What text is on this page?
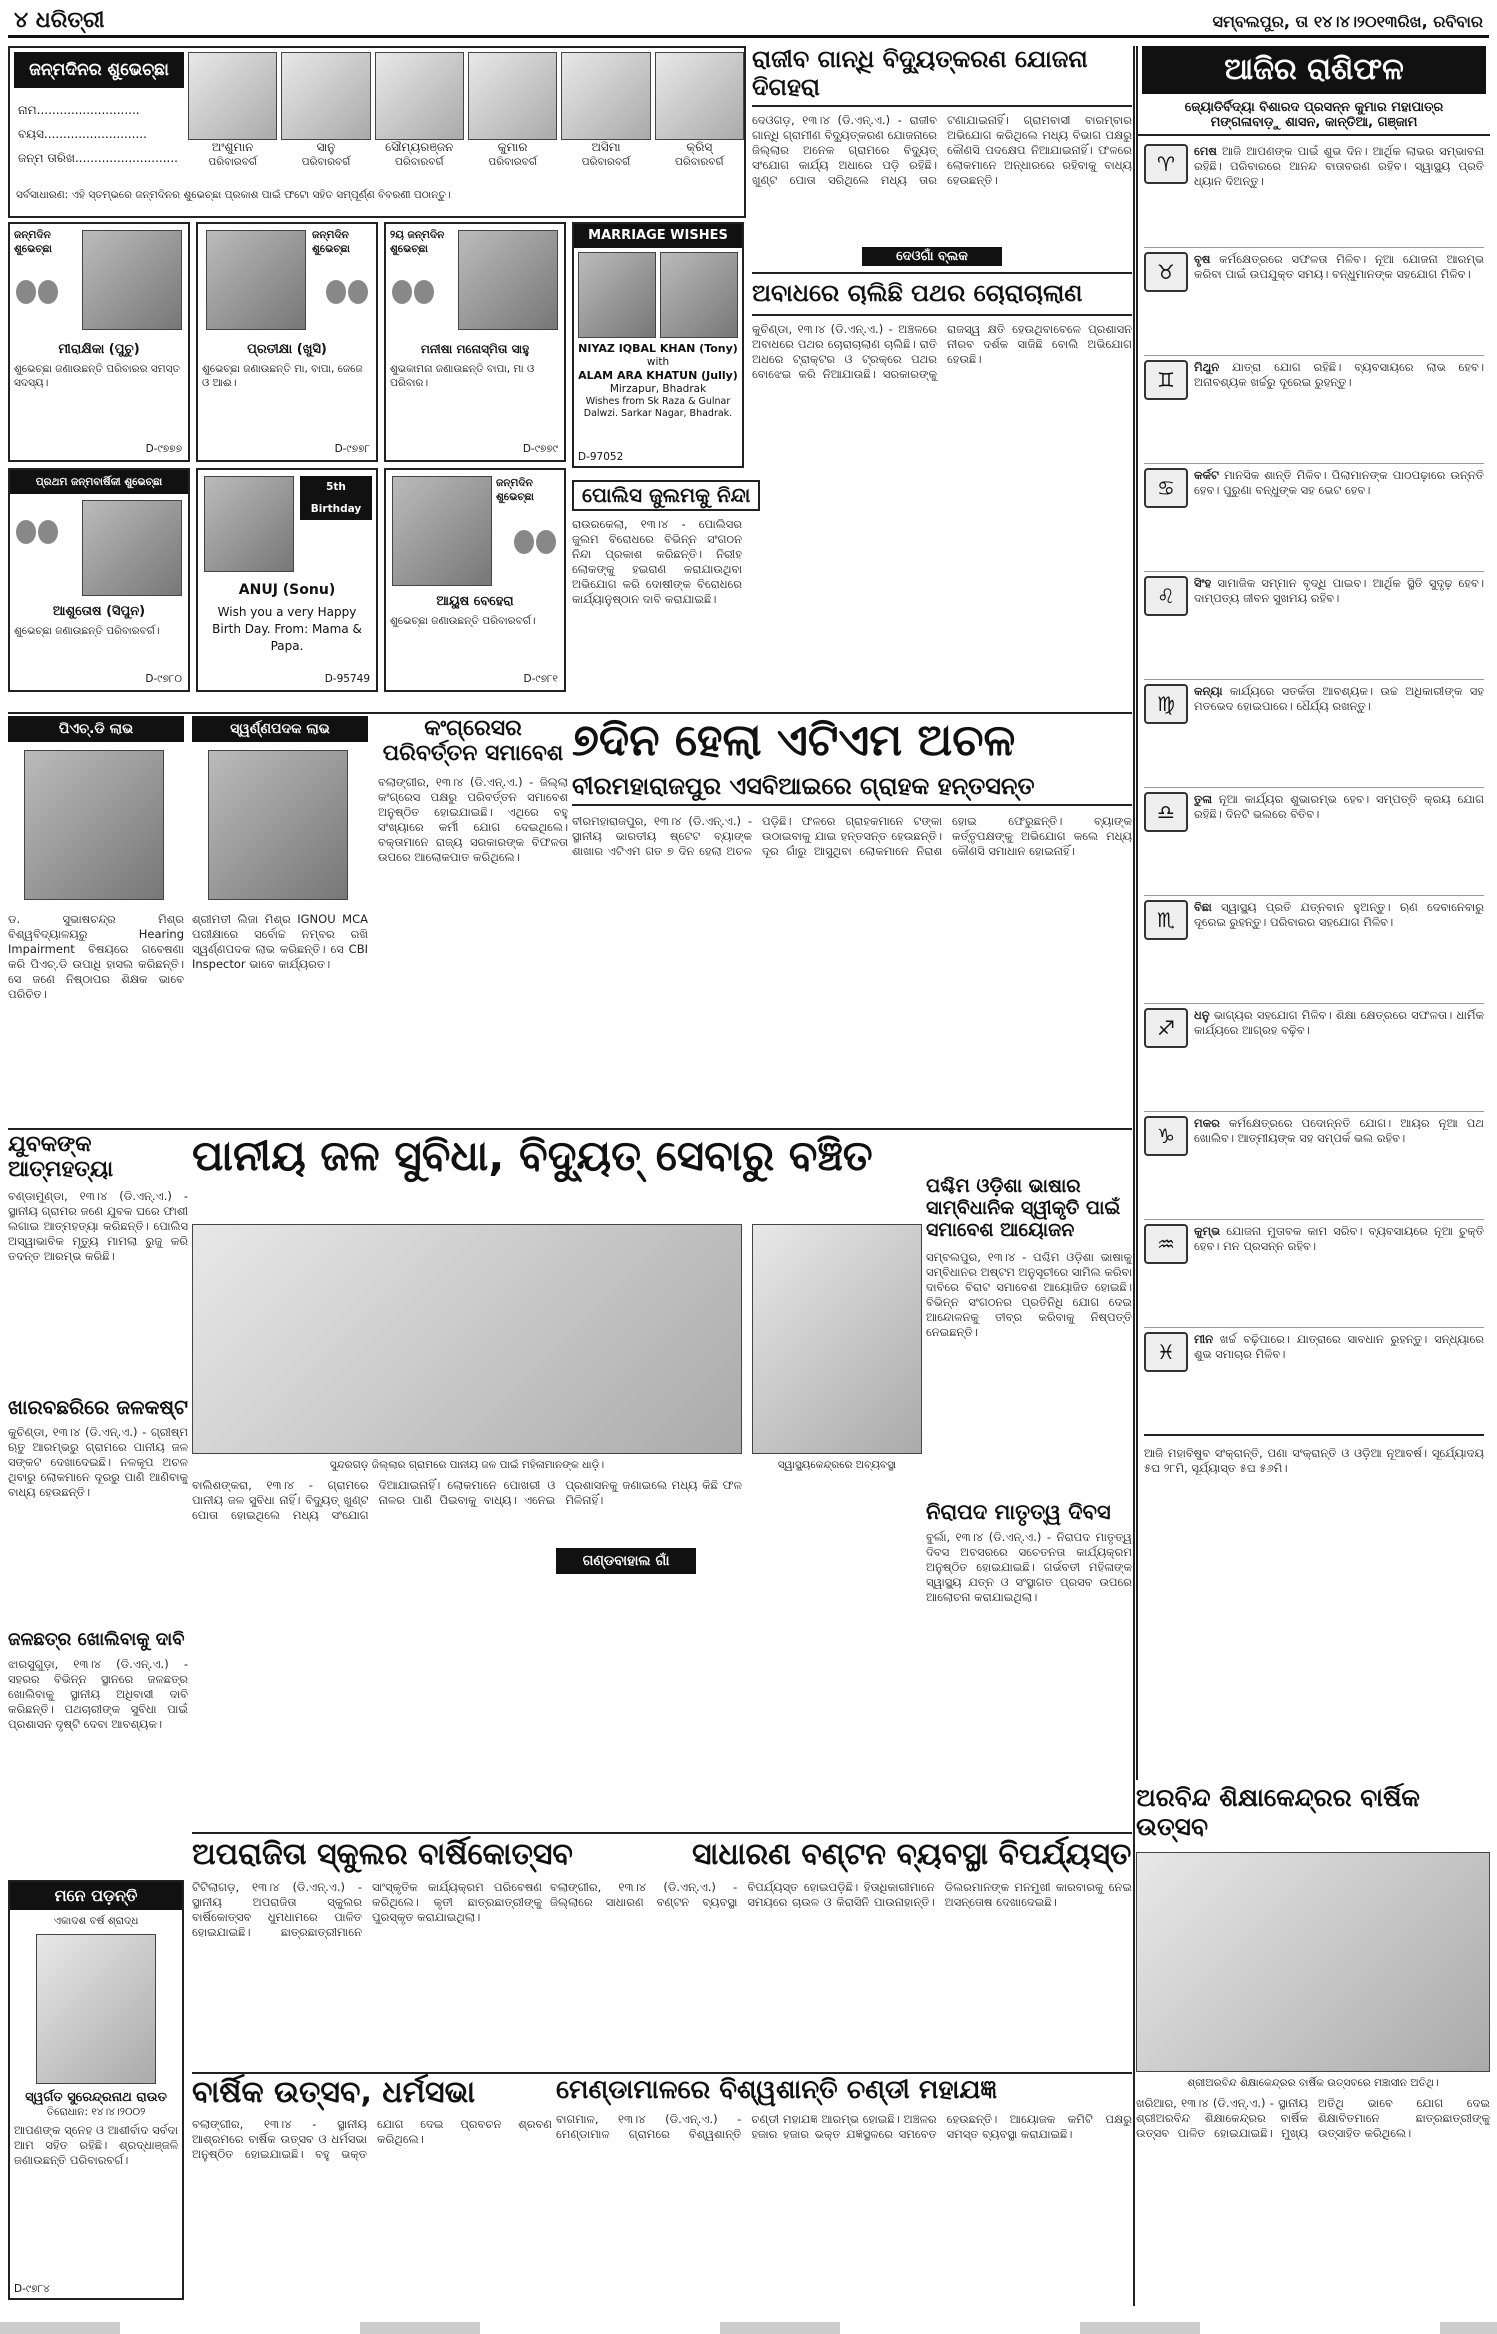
୪ ଧରିତ୍ରୀ	ସମ୍ବଲପୁର, ତା ୧୪।୪।୨୦୧୩ରିଖ, ରବିବାର
ଜନ୍ମଦିନର ଶୁଭେଚ୍ଛା
ନାମ...........................
ବୟସ...........................
ଜନ୍ମ ତାରିଖ...........................
ଅଂଶୁମାନ
ପରିବାରବର୍ଗ
ସାନୁ
ପରିବାରବର୍ଗ
ସୌମ୍ୟରଞ୍ଜନ
ପରିବାରବର୍ଗ
କୁମାର
ପରିବାରବର୍ଗ
ଅସିମା
ପରିବାରବର୍ଗ
କ୍ରିସ୍
ପରିବାରବର୍ଗ
ସର୍ବସାଧାରଣ: ଏହି ସ୍ତମ୍ଭରେ ଜନ୍ମଦିନର ଶୁଭେଚ୍ଛା ପ୍ରକାଶ ପାଇଁ ଫଟୋ ସହିତ ସମ୍ପୂର୍ଣ୍ଣ ବିବରଣୀ ପଠାନ୍ତୁ।
ଜନ୍ମଦିନ ଶୁଭେଚ୍ଛା
ମୀରାକ୍ଷିକା (ପୁଚୁ)
ଶୁଭେଚ୍ଛା ଜଣାଉଛନ୍ତି ପରିବାରର ସମସ୍ତ ସଦସ୍ୟ।
D-୯୭୭୭
ଜନ୍ମଦିନ ଶୁଭେଚ୍ଛା
ପ୍ରତୀକ୍ଷା (ଖୁସି)
ଶୁଭେଚ୍ଛା ଜଣାଉଛନ୍ତି ମା, ବାପା, ଜେଜେ ଓ ଆଈ।
D-୯୭୭୮
୨ୟ ଜନ୍ମଦିନ ଶୁଭେଚ୍ଛା
ମନୀଷା ମନୋସ୍ମିତା ସାହୁ
ଶୁଭକାମନା ଜଣାଉଛନ୍ତି ବାପା, ମା ଓ ପରିବାର।
D-୯୭୭୯
ପ୍ରଥମ ଜନ୍ମବାର୍ଷିକୀ ଶୁଭେଚ୍ଛା
ଆଶୁତୋଷ (ସିପୁନ)
ଶୁଭେଚ୍ଛା ଜଣାଉଛନ୍ତି ପରିବାରବର୍ଗ।
D-୯୭୮୦
5th Birthday
ANUJ (Sonu)
Wish you a very Happy Birth Day. From: Mama & Papa.
D-95749
ଜନ୍ମଦିନ ଶୁଭେଚ୍ଛା
ଆୟୁଷ ବେହେରା
ଶୁଭେଚ୍ଛା ଜଣାଉଛନ୍ତି ପରିବାରବର୍ଗ।
D-୯୭୮୧
MARRIAGE WISHES
NIYAZ IQBAL KHAN (Tony)
with
ALAM ARA KHATUN (Jully)
Mirzapur, Bhadrak
Wishes from Sk Raza & Gulnar Dalwzi. Sarkar Nagar, Bhadrak.
D-97052
ରାଜୀବ ଗାନ୍ଧି ବିଦ୍ୟୁତ୍‌କରଣ ଯୋଜନା ଦିଗହରା
ଦେଓଗଡ଼, ୧୩।୪ (ଡି.ଏନ୍.ଏ.) - ରାଜୀବ ଗାନ୍ଧି ଗ୍ରାମୀଣ ବିଦ୍ୟୁତ୍‌କରଣ ଯୋଜନାରେ ଜିଲ୍ଲାର ଅନେକ ଗ୍ରାମରେ ବିଦ୍ୟୁତ୍ ସଂଯୋଗ କାର୍ଯ୍ୟ ଅଧାରେ ପଡ଼ି ରହିଛି। ଖୁଣ୍ଟ ପୋତା ସରିଥିଲେ ମଧ୍ୟ ତାର ଟଣାଯାଇନାହିଁ। ଗ୍ରାମବାସୀ ବାରମ୍ବାର ଅଭିଯୋଗ କରିଥିଲେ ମଧ୍ୟ ବିଭାଗ ପକ୍ଷରୁ କୌଣସି ପଦକ୍ଷେପ ନିଆଯାଇନାହିଁ। ଫଳରେ ଲୋକମାନେ ଅନ୍ଧାରରେ ରହିବାକୁ ବାଧ୍ୟ ହେଉଛନ୍ତି।
ଦେଓଗାଁ ବ୍ଲକ
ଅବାଧରେ ଚାଲିଛି ପଥର ଚୋରାଚାଲାଣ
କୁଚିଣ୍ଡା, ୧୩।୪ (ଡି.ଏନ୍.ଏ.) - ଅଞ୍ଚଳରେ ଅବାଧରେ ପଥର ଚୋରାଚାଲାଣ ଚାଲିଛି। ରାତି ଅଧରେ ଟ୍ରାକ୍ଟର ଓ ଟ୍ରକ୍‌ରେ ପଥର ବୋଝେଇ କରି ନିଆଯାଉଛି। ସରକାରଙ୍କୁ ରାଜସ୍ୱ କ୍ଷତି ହେଉଥିବାବେଳେ ପ୍ରଶାସନ ନୀରବ ଦର୍ଶକ ସାଜିଛି ବୋଲି ଅଭିଯୋଗ ହେଉଛି।
ପୋଲିସ ଜୁଲମକୁ ନିନ୍ଦା
ରାଉରକେଲା, ୧୩।୪ - ପୋଲିସର ଜୁଲମ ବିରୋଧରେ ବିଭିନ୍ନ ସଂଗଠନ ନିନ୍ଦା ପ୍ରକାଶ କରିଛନ୍ତି। ନିରୀହ ଲୋକଙ୍କୁ ହଇରାଣ କରାଯାଉଥିବା ଅଭିଯୋଗ କରି ଦୋଷୀଙ୍କ ବିରୋଧରେ କାର୍ଯ୍ୟାନୁଷ୍ଠାନ ଦାବି କରାଯାଇଛି।
ଆଜିର ରାଶିଫଳ
ଜ୍ୟୋତିର୍ବିଦ୍ୟା ବିଶାରଦ ପ୍ରସନ୍ନ କୁମାର ମହାପାତ୍ର
ମଙ୍ଗଳାବାଡ଼ୁ ଶାସନ, କାନ୍ତିଆ, ଗଞ୍ଜାମ
♈
ମେଷ ଆଜି ଆପଣଙ୍କ ପାଇଁ ଶୁଭ ଦିନ। ଆର୍ଥିକ ଲାଭର ସମ୍ଭାବନା ରହିଛି। ପରିବାରରେ ଆନନ୍ଦ ବାତାବରଣ ରହିବ। ସ୍ୱାସ୍ଥ୍ୟ ପ୍ରତି ଧ୍ୟାନ ଦିଅନ୍ତୁ।
♉
ବୃଷ କର୍ମକ୍ଷେତ୍ରରେ ସଫଳତା ମିଳିବ। ନୂଆ ଯୋଜନା ଆରମ୍ଭ କରିବା ପାଇଁ ଉପଯୁକ୍ତ ସମୟ। ବନ୍ଧୁମାନଙ୍କ ସହଯୋଗ ମିଳିବ।
♊
ମିଥୁନ ଯାତ୍ରା ଯୋଗ ରହିଛି। ବ୍ୟବସାୟରେ ଲାଭ ହେବ। ଅନାବଶ୍ୟକ ଖର୍ଚ୍ଚରୁ ଦୂରେଇ ରୁହନ୍ତୁ।
♋
କର୍କଟ ମାନସିକ ଶାନ୍ତି ମିଳିବ। ପିଲାମାନଙ୍କ ପାଠପଢ଼ାରେ ଉନ୍ନତି ହେବ। ପୁରୁଣା ବନ୍ଧୁଙ୍କ ସହ ଭେଟ ହେବ।
♌
ସିଂହ ସାମାଜିକ ସମ୍ମାନ ବୃଦ୍ଧି ପାଇବ। ଆର୍ଥିକ ସ୍ଥିତି ସୁଦୃଢ଼ ହେବ। ଦାମ୍ପତ୍ୟ ଜୀବନ ସୁଖମୟ ରହିବ।
♍
କନ୍ୟା କାର୍ଯ୍ୟରେ ସତର୍କତା ଆବଶ୍ୟକ। ଉଚ୍ଚ ଅଧିକାରୀଙ୍କ ସହ ମତଭେଦ ହୋଇପାରେ। ଧୈର୍ଯ୍ୟ ରଖନ୍ତୁ।
♎
ତୁଳା ନୂଆ କାର୍ଯ୍ୟର ଶୁଭାରମ୍ଭ ହେବ। ସମ୍ପତ୍ତି କ୍ରୟ ଯୋଗ ରହିଛି। ଦିନଟି ଭଲରେ ବିତିବ।
♏
ବିଛା ସ୍ୱାସ୍ଥ୍ୟ ପ୍ରତି ଯତ୍ନବାନ ହୁଅନ୍ତୁ। ଋଣ ଦେବାନେବାରୁ ଦୂରେଇ ରୁହନ୍ତୁ। ପରିବାରର ସହଯୋଗ ମିଳିବ।
♐
ଧନୁ ଭାଗ୍ୟର ସହଯୋଗ ମିଳିବ। ଶିକ୍ଷା କ୍ଷେତ୍ରରେ ସଫଳତା। ଧାର୍ମିକ କାର୍ଯ୍ୟରେ ଆଗ୍ରହ ବଢ଼ିବ।
♑
ମକର କର୍ମକ୍ଷେତ୍ରରେ ପଦୋନ୍ନତି ଯୋଗ। ଆୟର ନୂଆ ପଥ ଖୋଲିବ। ଆତ୍ମୀୟଙ୍କ ସହ ସମ୍ପର୍କ ଭଲ ରହିବ।
♒
କୁମ୍ଭ ଯୋଜନା ମୁତାବକ କାମ ସରିବ। ବ୍ୟବସାୟରେ ନୂଆ ଚୁକ୍ତି ହେବ। ମନ ପ୍ରସନ୍ନ ରହିବ।
♓
ମୀନ ଖର୍ଚ୍ଚ ବଢ଼ିପାରେ। ଯାତ୍ରାରେ ସାବଧାନ ରୁହନ୍ତୁ। ସନ୍ଧ୍ୟାରେ ଶୁଭ ସମାଚାର ମିଳିବ।
ଆଜି ମହାବିଷୁବ ସଂକ୍ରାନ୍ତି, ପଣା ସଂକ୍ରାନ୍ତି ଓ ଓଡ଼ିଆ ନୂଆବର୍ଷ। ସୂର୍ଯ୍ୟୋଦୟ ୫ଘ ୨୮ମି, ସୂର୍ଯ୍ୟାସ୍ତ ୫ଘ ୫୬ମି।
ପିଏଚ୍.ଡି ଲାଭ	ସ୍ୱର୍ଣ୍ଣପଦକ ଲାଭ
ଡ. ସୁଭାଷଚନ୍ଦ୍ର ମିଶ୍ର ବିଶ୍ୱବିଦ୍ୟାଳୟରୁ Hearing Impairment ବିଷୟରେ ଗବେଷଣା କରି ପିଏଚ୍.ଡି ଉପାଧି ହାସଲ କରିଛନ୍ତି। ସେ ଜଣେ ନିଷ୍ଠାପର ଶିକ୍ଷକ ଭାବେ ପରିଚିତ।
ଶ୍ରୀମତୀ ଲିଜା ମିଶ୍ର IGNOU MCA ପରୀକ୍ଷାରେ ସର୍ବୋଚ୍ଚ ନମ୍ବର ରଖି ସ୍ୱର୍ଣ୍ଣପଦକ ଲାଭ କରିଛନ୍ତି। ସେ CBI Inspector ଭାବେ କାର୍ଯ୍ୟରତ।
କଂଗ୍ରେସର ପରିବର୍ତ୍ତନ ସମାବେଶ
ବଲାଙ୍ଗୀର, ୧୩।୪ (ଡି.ଏନ୍.ଏ.) - ଜିଲ୍ଲା କଂଗ୍ରେସ ପକ୍ଷରୁ ପରିବର୍ତ୍ତନ ସମାବେଶ ଅନୁଷ୍ଠିତ ହୋଇଯାଇଛି। ଏଥିରେ ବହୁ ସଂଖ୍ୟାରେ କର୍ମୀ ଯୋଗ ଦେଇଥିଲେ। ବକ୍ତାମାନେ ରାଜ୍ୟ ସରକାରଙ୍କ ବିଫଳତା ଉପରେ ଆଲୋକପାତ କରିଥିଲେ।
୭ଦିନ ହେଲା ଏଟିଏମ ଅଚଳ
ବୀରମହାରାଜପୁର ଏସବିଆଇରେ ଗ୍ରାହକ ହନ୍ତସନ୍ତ
ବୀରମହାରାଜପୁର, ୧୩।୪ (ଡି.ଏନ୍.ଏ.) - ସ୍ଥାନୀୟ ଭାରତୀୟ ଷ୍ଟେଟ ବ୍ୟାଙ୍କ ଶାଖାର ଏଟିଏମ ଗତ ୭ ଦିନ ହେଲା ଅଚଳ ପଡ଼ିଛି। ଫଳରେ ଗ୍ରାହକମାନେ ଟଙ୍କା ଉଠାଇବାକୁ ଯାଇ ହନ୍ତସନ୍ତ ହେଉଛନ୍ତି। ଦୂର ଗାଁରୁ ଆସୁଥିବା ଲୋକମାନେ ନିରାଶ ହୋଇ ଫେରୁଛନ୍ତି। ବ୍ୟାଙ୍କ କର୍ତ୍ତୃପକ୍ଷଙ୍କୁ ଅଭିଯୋଗ କଲେ ମଧ୍ୟ କୌଣସି ସମାଧାନ ହୋଇନାହିଁ।
ଯୁବକଙ୍କ ଆତ୍ମହତ୍ୟା
ବଣ୍ଡାମୁଣ୍ଡା, ୧୩।୪ (ଡି.ଏନ୍.ଏ.) - ସ୍ଥାନୀୟ ଗ୍ରାମର ଜଣେ ଯୁବକ ଘରେ ଫାଶୀ ଲଗାଇ ଆତ୍ମହତ୍ୟା କରିଛନ୍ତି। ପୋଲିସ ଅସ୍ୱାଭାବିକ ମୃତ୍ୟୁ ମାମଲା ରୁଜୁ କରି ତଦନ୍ତ ଆରମ୍ଭ କରିଛି।
ପାନୀୟ ଜଳ ସୁବିଧା, ବିଦ୍ୟୁତ୍ ସେବାରୁ ବଞ୍ଚିତ
ସୁନ୍ଦରଗଡ଼ ଜିଲ୍ଲାର ଗ୍ରାମରେ ପାନୀୟ ଜଳ ପାଇଁ ମହିଳାମାନଙ୍କ ଧାଡ଼ି।	ସ୍ୱାସ୍ଥ୍ୟକେନ୍ଦ୍ରରେ ଅବ୍ୟବସ୍ଥା
ବାଲିଶଙ୍କରା, ୧୩।୪ - ଗ୍ରାମରେ ପାନୀୟ ଜଳ ସୁବିଧା ନାହିଁ। ବିଦ୍ୟୁତ୍ ଖୁଣ୍ଟ ପୋତା ହୋଇଥିଲେ ମଧ୍ୟ ସଂଯୋଗ ଦିଆଯାଇନାହିଁ। ଲୋକମାନେ ପୋଖରୀ ଓ ନାଳର ପାଣି ପିଇବାକୁ ବାଧ୍ୟ। ଏନେଇ ପ୍ରଶାସନକୁ ଜଣାଇଲେ ମଧ୍ୟ କିଛି ଫଳ ମିଳିନାହିଁ।
ପଶ୍ଚିମ ଓଡ଼ିଶା ଭାଷାର ସାମ୍ବିଧାନିକ ସ୍ୱୀକୃତି ପାଇଁ ସମାବେଶ ଆୟୋଜନ
ସମ୍ବଲପୁର, ୧୩।୪ - ପଶ୍ଚିମ ଓଡ଼ିଶା ଭାଷାକୁ ସମ୍ବିଧାନର ଅଷ୍ଟମ ଅନୁସୂଚୀରେ ସାମିଲ କରିବା ଦାବିରେ ବିରାଟ ସମାବେଶ ଆୟୋଜିତ ହୋଇଛି। ବିଭିନ୍ନ ସଂଗଠନର ପ୍ରତିନିଧି ଯୋଗ ଦେଇ ଆନ୍ଦୋଳନକୁ ତୀବ୍ର କରିବାକୁ ନିଷ୍ପତ୍ତି ନେଇଛନ୍ତି।
ଖାରବଛରିରେ ଜଳକଷ୍ଟ
କୁଚିଣ୍ଡା, ୧୩।୪ (ଡି.ଏନ୍.ଏ.) - ଗ୍ରୀଷ୍ମ ଋତୁ ଆରମ୍ଭରୁ ଗ୍ରାମରେ ପାନୀୟ ଜଳ ସଙ୍କଟ ଦେଖାଦେଇଛି। ନଳକୂପ ଅଚଳ ଥିବାରୁ ଲୋକମାନେ ଦୂରରୁ ପାଣି ଆଣିବାକୁ ବାଧ୍ୟ ହେଉଛନ୍ତି।
ନିରାପଦ ମାତୃତ୍ୱ ଦିବସ
ବୁର୍ଲା, ୧୩।୪ (ଡି.ଏନ୍.ଏ.) - ନିରାପଦ ମାତୃତ୍ୱ ଦିବସ ଅବସରରେ ସଚେତନତା କାର୍ଯ୍ୟକ୍ରମ ଅନୁଷ୍ଠିତ ହୋଇଯାଇଛି। ଗର୍ଭବତୀ ମହିଳାଙ୍କ ସ୍ୱାସ୍ଥ୍ୟ ଯତ୍ନ ଓ ସଂସ୍ଥାଗତ ପ୍ରସବ ଉପରେ ଆଲୋଚନା କରାଯାଇଥିଲା।
ଗଣ୍ଡବାହାଲ ଗାଁ
ଜଳଛତ୍ର ଖୋଲିବାକୁ ଦାବି
ଝାରସୁଗୁଡ଼ା, ୧୩।୪ (ଡି.ଏନ୍.ଏ.) - ସହରର ବିଭିନ୍ନ ସ୍ଥାନରେ ଜଳଛତ୍ର ଖୋଲିବାକୁ ସ୍ଥାନୀୟ ଅଧିବାସୀ ଦାବି କରିଛନ୍ତି। ପଥଚାରୀଙ୍କ ସୁବିଧା ପାଇଁ ପ୍ରଶାସନ ଦୃଷ୍ଟି ଦେବା ଆବଶ୍ୟକ।
ଅପରାଜିତା ସ୍କୁଲର ବାର୍ଷିକୋତ୍ସବ	ସାଧାରଣ ବଣ୍ଟନ ବ୍ୟବସ୍ଥା ବିପର୍ଯ୍ୟସ୍ତ
ଟିଟିଲାଗଡ଼, ୧୩।୪ (ଡି.ଏନ୍.ଏ.) - ସ୍ଥାନୀୟ ଅପରାଜିତା ସ୍କୁଲର ବାର୍ଷିକୋତ୍ସବ ଧୁମଧାମରେ ପାଳିତ ହୋଇଯାଇଛି। ଛାତ୍ରଛାତ୍ରୀମାନେ ସାଂସ୍କୃତିକ କାର୍ଯ୍ୟକ୍ରମ ପରିବେଷଣ କରିଥିଲେ। କୃତୀ ଛାତ୍ରଛାତ୍ରୀଙ୍କୁ ପୁରସ୍କୃତ କରାଯାଇଥିଲା।
ବଲାଙ୍ଗୀର, ୧୩।୪ (ଡି.ଏନ୍.ଏ.) - ଜିଲ୍ଲାରେ ସାଧାରଣ ବଣ୍ଟନ ବ୍ୟବସ୍ଥା ବିପର୍ଯ୍ୟସ୍ତ ହୋଇପଡ଼ିଛି। ହିତାଧିକାରୀମାନେ ସମୟରେ ଚାଉଳ ଓ କିରାସିନି ପାଉନାହାନ୍ତି। ଡିଲରମାନଙ୍କ ମନମୁଖୀ କାରବାରକୁ ନେଇ ଅସନ୍ତୋଷ ଦେଖାଦେଇଛି।
ମନେ ପଡ଼ନ୍ତି
ଏକାଦଶ ବର୍ଷ ଶ୍ରାଦ୍ଧ
ସ୍ୱର୍ଗତ ସୁରେନ୍ଦ୍ରନାଥ ରାଉତ
ତିରୋଧାନ: ୧୪।୪।୨୦୦୨
ଆପଣଙ୍କ ସ୍ନେହ ଓ ଆଶୀର୍ବାଦ ସର୍ବଦା ଆମ ସହିତ ରହିଛି। ଶ୍ରଦ୍ଧାଞ୍ଜଳି ଜଣାଉଛନ୍ତି ପରିବାରବର୍ଗ।
D-୯୭୮୪
ଅରବିନ୍ଦ ଶିକ୍ଷାକେନ୍ଦ୍ରର ବାର୍ଷିକ ଉତ୍ସବ
ଶ୍ରୀଅରବିନ୍ଦ ଶିକ୍ଷାକେନ୍ଦ୍ରର ବାର୍ଷିକ ଉତ୍ସବରେ ମଞ୍ଚାସୀନ ଅତିଥି।
ଖରିଆର, ୧୩।୪ (ଡି.ଏନ୍.ଏ.) - ସ୍ଥାନୀୟ ଶ୍ରୀଅରବିନ୍ଦ ଶିକ୍ଷାକେନ୍ଦ୍ରର ବାର୍ଷିକ ଉତ୍ସବ ପାଳିତ ହୋଇଯାଇଛି। ମୁଖ୍ୟ ଅତିଥି ଭାବେ ଯୋଗ ଦେଇ ଶିକ୍ଷାବିତମାନେ ଛାତ୍ରଛାତ୍ରୀଙ୍କୁ ଉତ୍ସାହିତ କରିଥିଲେ।
ବାର୍ଷିକ ଉତ୍ସବ, ଧର୍ମସଭା
ବଲାଙ୍ଗୀର, ୧୩।୪ - ସ୍ଥାନୀୟ ଆଶ୍ରମରେ ବାର୍ଷିକ ଉତ୍ସବ ଓ ଧର୍ମସଭା ଅନୁଷ୍ଠିତ ହୋଇଯାଇଛି। ବହୁ ଭକ୍ତ ଯୋଗ ଦେଇ ପ୍ରବଚନ ଶ୍ରବଣ କରିଥିଲେ।
ମେଣ୍ଡାମାଳରେ ବିଶ୍ୱଶାନ୍ତି ଚଣ୍ଡୀ ମହାଯଜ୍ଞ
ବାଗମାଳ, ୧୩।୪ (ଡି.ଏନ୍.ଏ.) - ମେଣ୍ଡାମାଳ ଗ୍ରାମରେ ବିଶ୍ୱଶାନ୍ତି ଚଣ୍ଡୀ ମହାଯଜ୍ଞ ଆରମ୍ଭ ହୋଇଛି। ଅଞ୍ଚଳର ହଜାର ହଜାର ଭକ୍ତ ଯଜ୍ଞସ୍ଥଳରେ ସମବେତ ହେଉଛନ୍ତି। ଆୟୋଜକ କମିଟି ପକ୍ଷରୁ ସମସ୍ତ ବ୍ୟବସ୍ଥା କରାଯାଇଛି।
